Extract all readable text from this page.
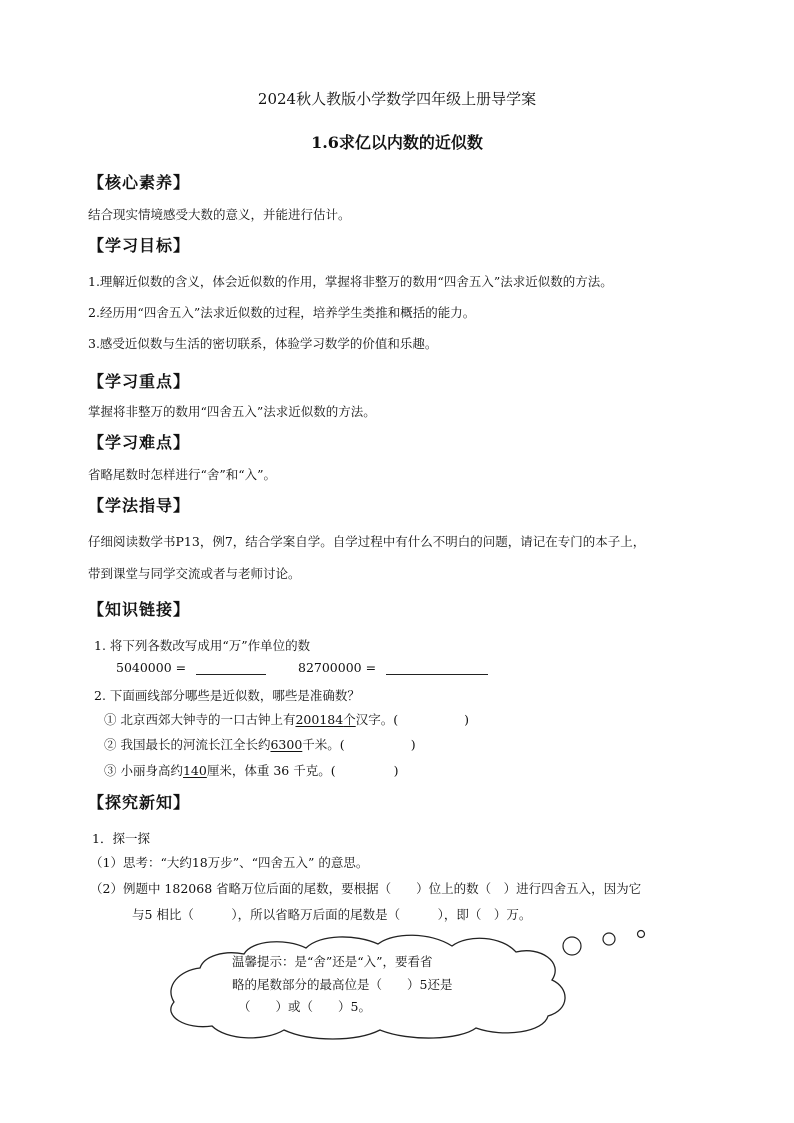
2024秋人教版小学数学四年级上册导学案
1.6求亿以内数的近似数
【核心素养】
结合现实情境感受大数的意义，并能进行估计。
【学习目标】
1.理解近似数的含义，体会近似数的作用，掌握将非整万的数用“四舍五入”法求近似数的方法。
2.经历用“四舍五入”法求近似数的过程，培养学生类推和概括的能力。
3.感受近似数与生活的密切联系，体验学习数学的价值和乐趣。
【学习重点】
掌握将非整万的数用“四舍五入”法求近似数的方法。
【学习难点】
省略尾数时怎样进行“舍”和“入”。
【学法指导】
仔细阅读数学书P13，例7，结合学案自学。自学过程中有什么不明白的问题，请记在专门的本子上，
带到课堂与同学交流或者与老师讨论。
【知识链接】
1. 将下列各数改写成用“万”作单位的数
5040000 =	82700000 =
2. 下面画线部分哪些是近似数，哪些是准确数？
① 北京西郊大钟寺的一口古钟上有200184个汉字。(	)
② 我国最长的河流长江全长约6300千米。(	)
③ 小丽身高约140厘米，体重 36 千克。(	)
【探究新知】
1．探一探
（1）思考：“大约18万步”、“四舍五入” 的意思。
（2）例题中 182068 省略万位后面的尾数，要根据（　　）位上的数（　）进行四舍五入，因为它
与5 相比（　　　），所以省略万后面的尾数是（　　　），即（　）万。
温馨提示：是“舍”还是“入”，要看省
略的尾数部分的最高位是（　　）5还是
（　　）或（　　）5。
